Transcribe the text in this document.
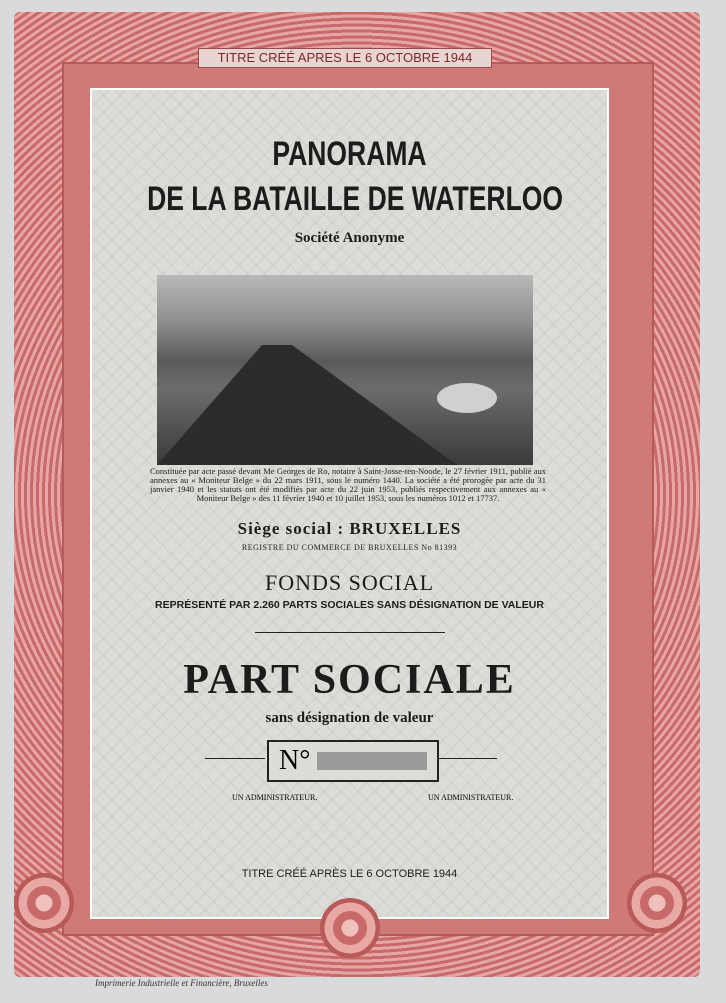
TITRE CRÉÉ APRES LE 6 OCTOBRE 1944
PANORAMA
DE LA BATAILLE DE WATERLOO
Société Anonyme
Constituée par acte passé devant Me Georges de Ro, notaire à Saint-Josse-ten-Noode, le 27 février 1911, publié aux annexes au « Moniteur Belge » du 22 mars 1911, sous le numéro 1440. La société a été prorogée par acte du 31 janvier 1940 et les statuts ont été modifiés par acte du 22 juin 1953, publiés respectivement aux annexes au « Moniteur Belge » des 11 février 1940 et 10 juillet 1953, sous les numéros 1012 et 17737.
Siège social : BRUXELLES
REGISTRE DU COMMERCE DE BRUXELLES No 81393
FONDS SOCIAL
REPRÉSENTÉ PAR 2.260 PARTS SOCIALES SANS DÉSIGNATION DE VALEUR
PART SOCIALE
sans désignation de valeur
N°
UN ADMINISTRATEUR.	UN ADMINISTRATEUR.
TITRE CRÉÉ APRÈS LE 6 OCTOBRE 1944
Imprimerie Industrielle et Financière, Bruxelles
